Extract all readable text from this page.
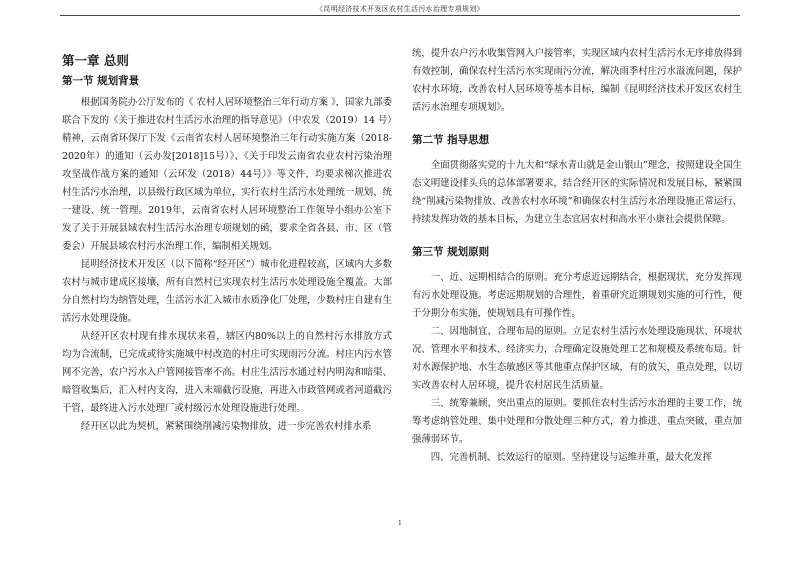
《昆明经济技术开发区农村生活污水治理专项规划》
第一章 总则
第一节 规划背景

根据国务院办公厅发布的《 农村人居环境整治三年行动方案 》，国家九部委联合下发的《关于推进农村生活污水治理的指导意见》（中农发（2019）14 号）精神，云南省环保厅下发《云南省农村人居环境整治三年行动实施方案（2018-2020年）的通知（云办发[2018]15号）》、《关于印发云南省农业农村污染治理攻坚战作战方案的通知（云环发（2018）44号）》等文件，均要求梯次推进农村生活污水治理，以县级行政区域为单位，实行农村生活污水处理统一规划、统一建设、统一管理。2019年，云南省农村人居环境整治工作领导小组办公室下发了关于开展县域农村生活污水治理专项规划的函，要求全省各县、市、区（管委会）开展县域农村污水治理工作，编制相关规划。

昆明经济技术开发区（以下简称“经开区”）城市化进程较高，区域内大多数农村与城市建成区接壤，所有自然村已实现农村生活污水处理设施全覆盖。大部分自然村均为纳管处理，生活污水汇入城市水质净化厂处理，少数村庄自建有生活污水处理设施。

从经开区农村现有排水现状来看，辖区内80%以上的自然村污水排放方式均为合流制，已完成或待实施城中村改造的村庄可实现雨污分流。村庄内污水管网不完善，农户污水入户管网接管率不高。村庄生活污水通过村内明沟和暗渠、暗管收集后，汇入村内支沟，进入末端截污设施，再进入市政管网或者河道截污干管，最终进入污水处理厂或村级污水处理设施进行处理。

经开区以此为契机，紧紧围绕削减污染物排放，进一步完善农村排水系

统，提升农户污水收集管网入户接管率，实现区域内农村生活污水无序排放得到有效控制，确保农村生活污水实现雨污分流，解决雨季村庄污水溢流问题，保护农村水环境，改善农村人居环境等基本目标，编制《昆明经济技术开发区农村生活污水治理专项规划》。

第二节 指导思想

全面贯彻落实党的十九大和“绿水青山就是金山银山”理念，按照建设全国生态文明建设排头兵的总体部署要求，结合经开区的实际情况和发展目标，紧紧围绕“削减污染物排放、改善农村水环境”和确保农村生活污水治理设施正常运行、持续发挥功效的基本目标，为建立生态宜居农村和高水平小康社会提供保障。

第三节 规划原则

一、近、远期相结合的原则。充分考虑近远期结合，根据现状，充分发挥现有污水处理设施。考虑远期规划的合理性，着重研究近期规划实施的可行性，便于分期分布实施，使规划具有可操作性。

二、因地制宜、合理布局的原则。立足农村生活污水处理设施现状、环境状况、管理水平和技术、经济实力，合理确定设施处理工艺和规模及系统布局。针对水源保护地、水生态敏感区等其他重点保护区域，有的放矢，重点处理，以切实改善农村人居环境，提升农村居民生活质量。

三、统筹兼顾、突出重点的原则。要抓住农村生活污水治理的主要工作，统筹考虑纳管处理、集中处理和分散处理三种方式，着力推进、重点突破，重点加强薄弱环节。

四、完善机制、长效运行的原则。坚持建设与运维并重，最大化发挥

1
